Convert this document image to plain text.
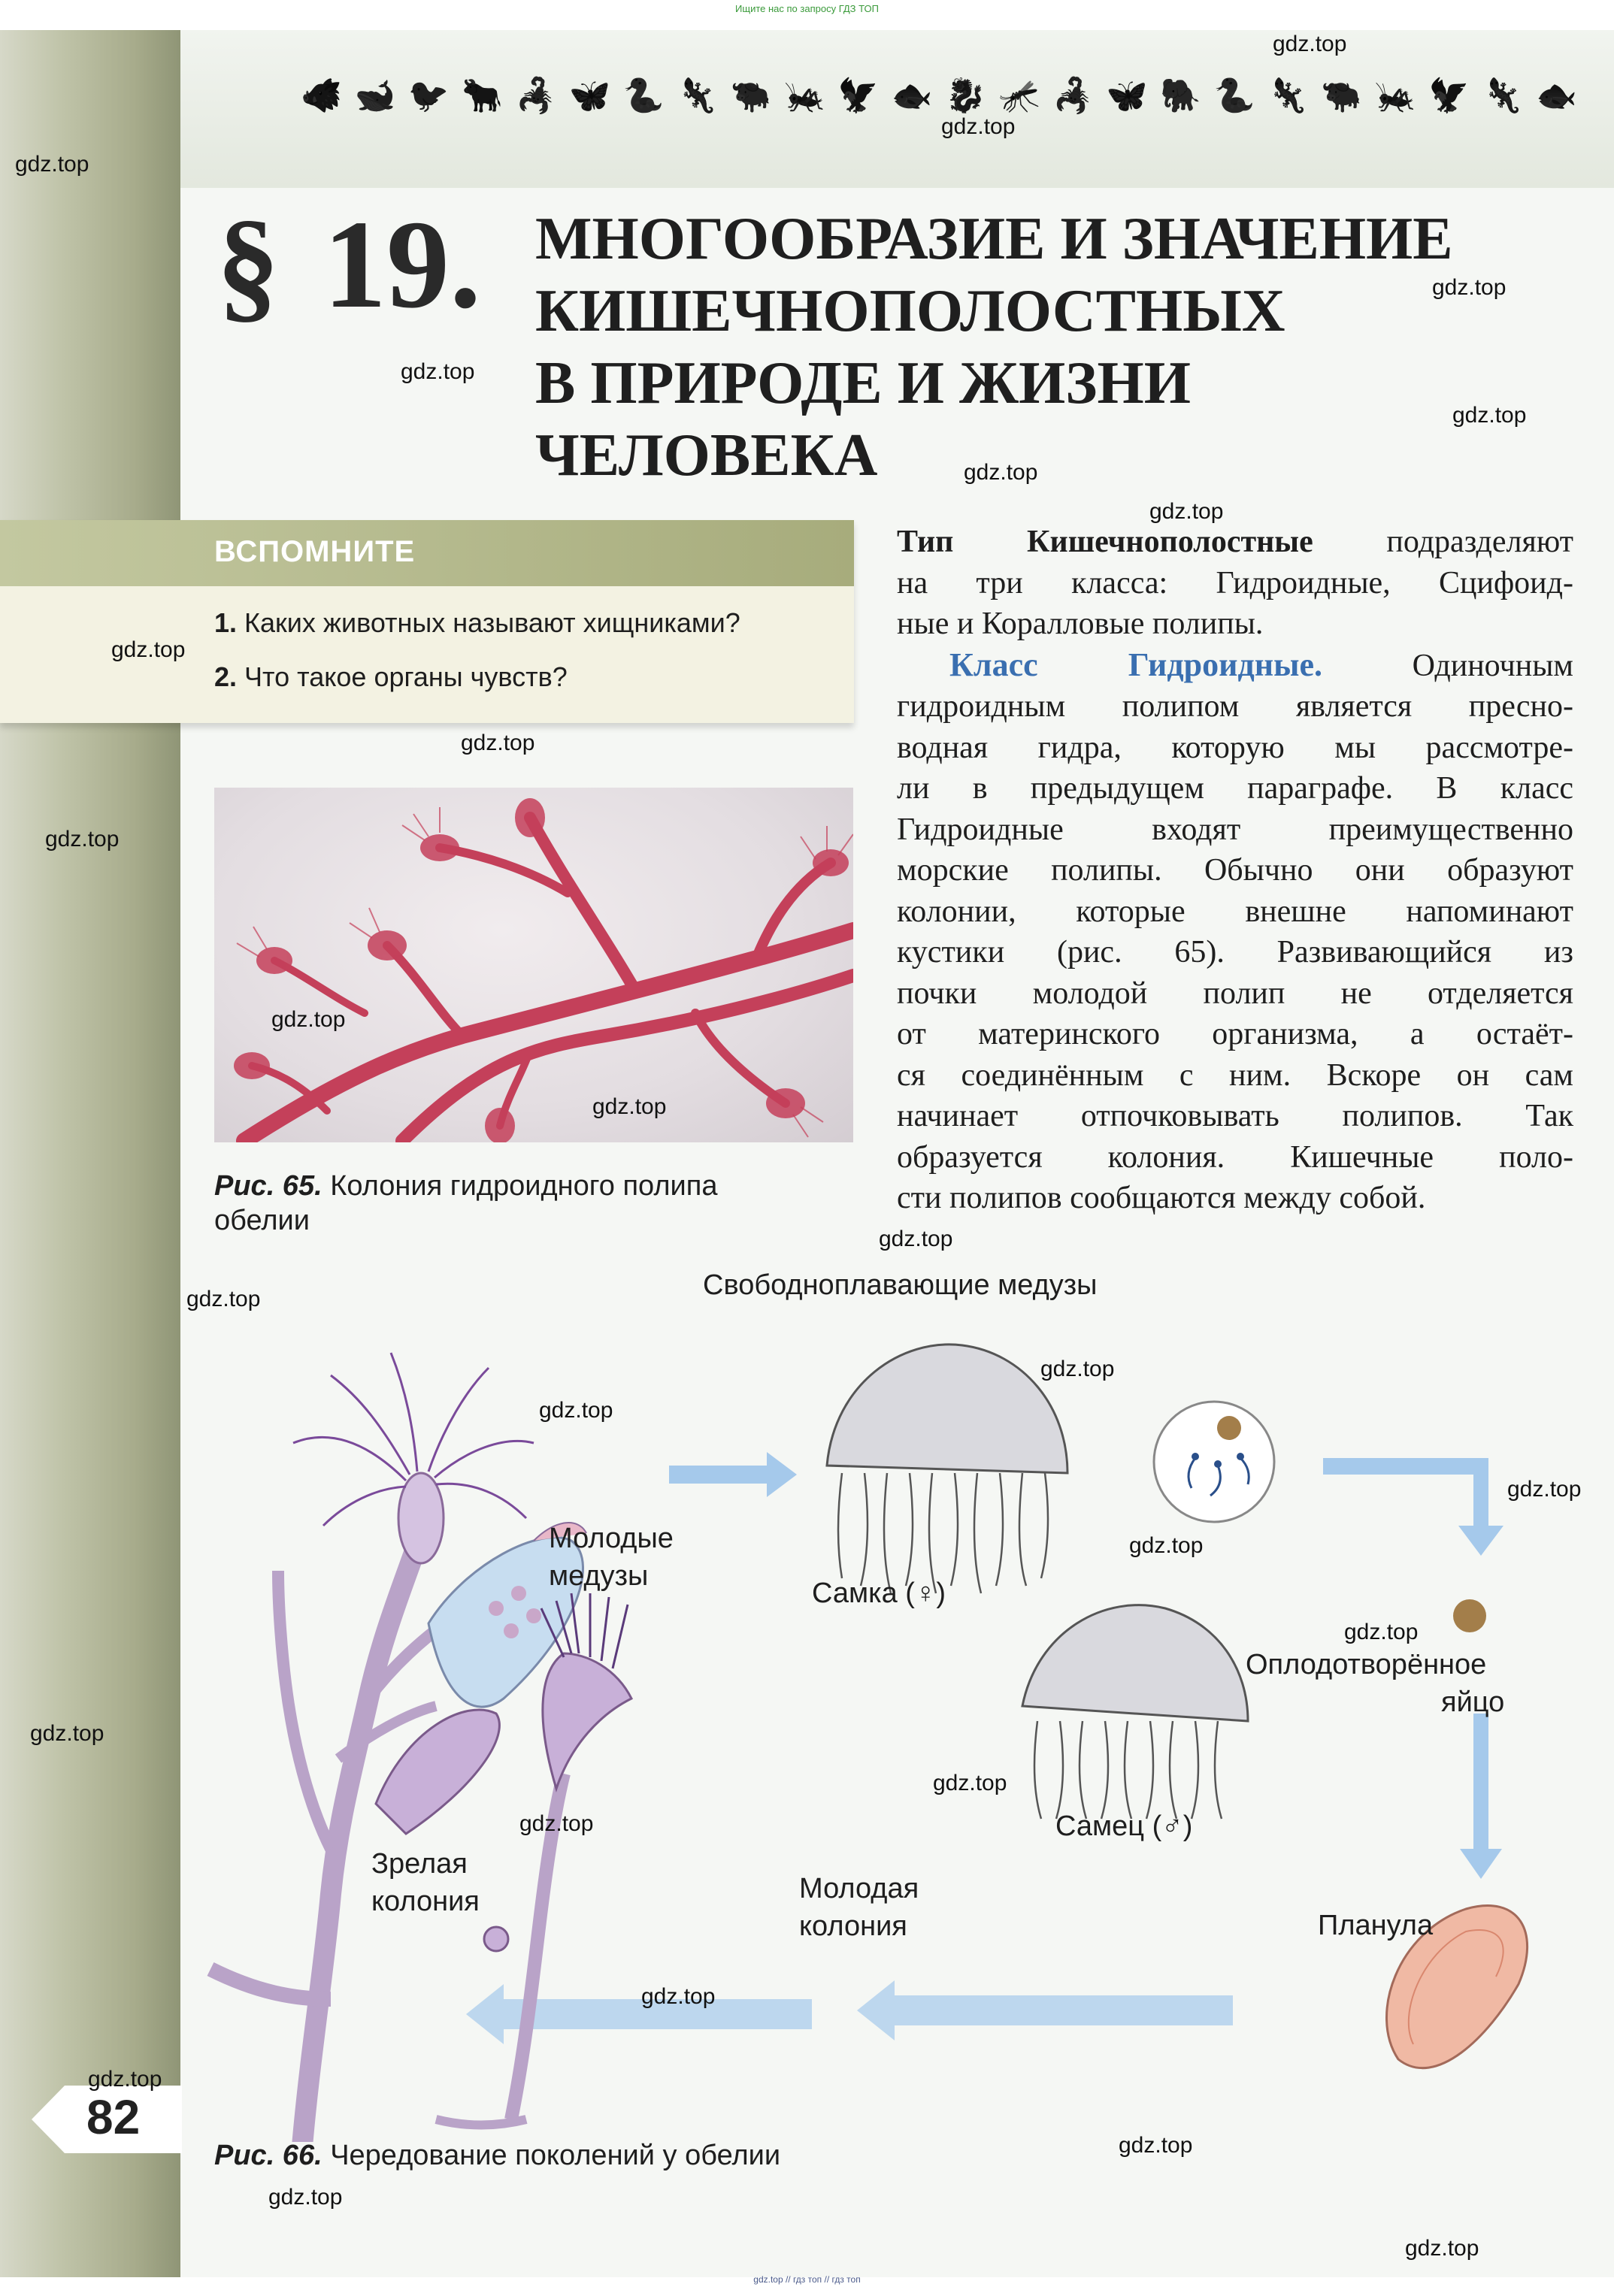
Ищите нас по запросу ГДЗ ТОП
🐗 🐋 🐦 🐂 🦂 🦋 🐍 🦎 🐃 🦗 🦅 🐟 🐉 🦟 🦂 🦋 🐘 🐍 🦎 🐃 🦗 🦅 🦎 🐟
§ 19. МНОГООБРАЗИЕ И ЗНАЧЕНИЕ
КИШЕЧНОПОЛОСТНЫХ
В ПРИРОДЕ И ЖИЗНИ
ЧЕЛОВЕКА
ВСПОМНИТЕ
1. Каких животных называют хищниками?
2. Что такое органы чувств?
Тип Кишечнополостные подразделяют
на три класса: Гидроидные, Сцифоид-
ные и Коралловые полипы.
Класс Гидроидные. Одиночным
гидроидным полипом является пресно-
водная гидра, которую мы рассмотре-
ли в предыдущем параграфе. В класс
Гидроидные входят преимущественно
морские полипы. Обычно они образуют
колонии, которые внешне напоминают
кустики (рис. 65). Развивающийся из
почки молодой полип не отделяется
от материнского организма, а остаёт-
ся соединённым с ним. Вскоре он сам
начинает отпочковывать полипов. Так
образуется колония. Кишечные поло-
сти полипов сообщаются между собой.
Рис. 65. Колония гидроидного полипа
обелии
Свободноплавающие медузы
Молодые
медузы
Самка (♀)
Оплодотворённое
яйцо
Самец (♂)
Зрелая
колония	Молодая
колония	Планула
Рис. 66. Чередование поколений у обелии
82
gdz.top
gdz.top
gdz.top
gdz.top
gdz.top
gdz.top
gdz.top
gdz.top
gdz.top
gdz.top
gdz.top
gdz.top
gdz.top
gdz.top
gdz.top
gdz.top
gdz.top
gdz.top
gdz.top
gdz.top
gdz.top
gdz.top
gdz.top
gdz.top
gdz.top
gdz.top
gdz.top
gdz.top
gdz.top // гдз топ // гдз топ
